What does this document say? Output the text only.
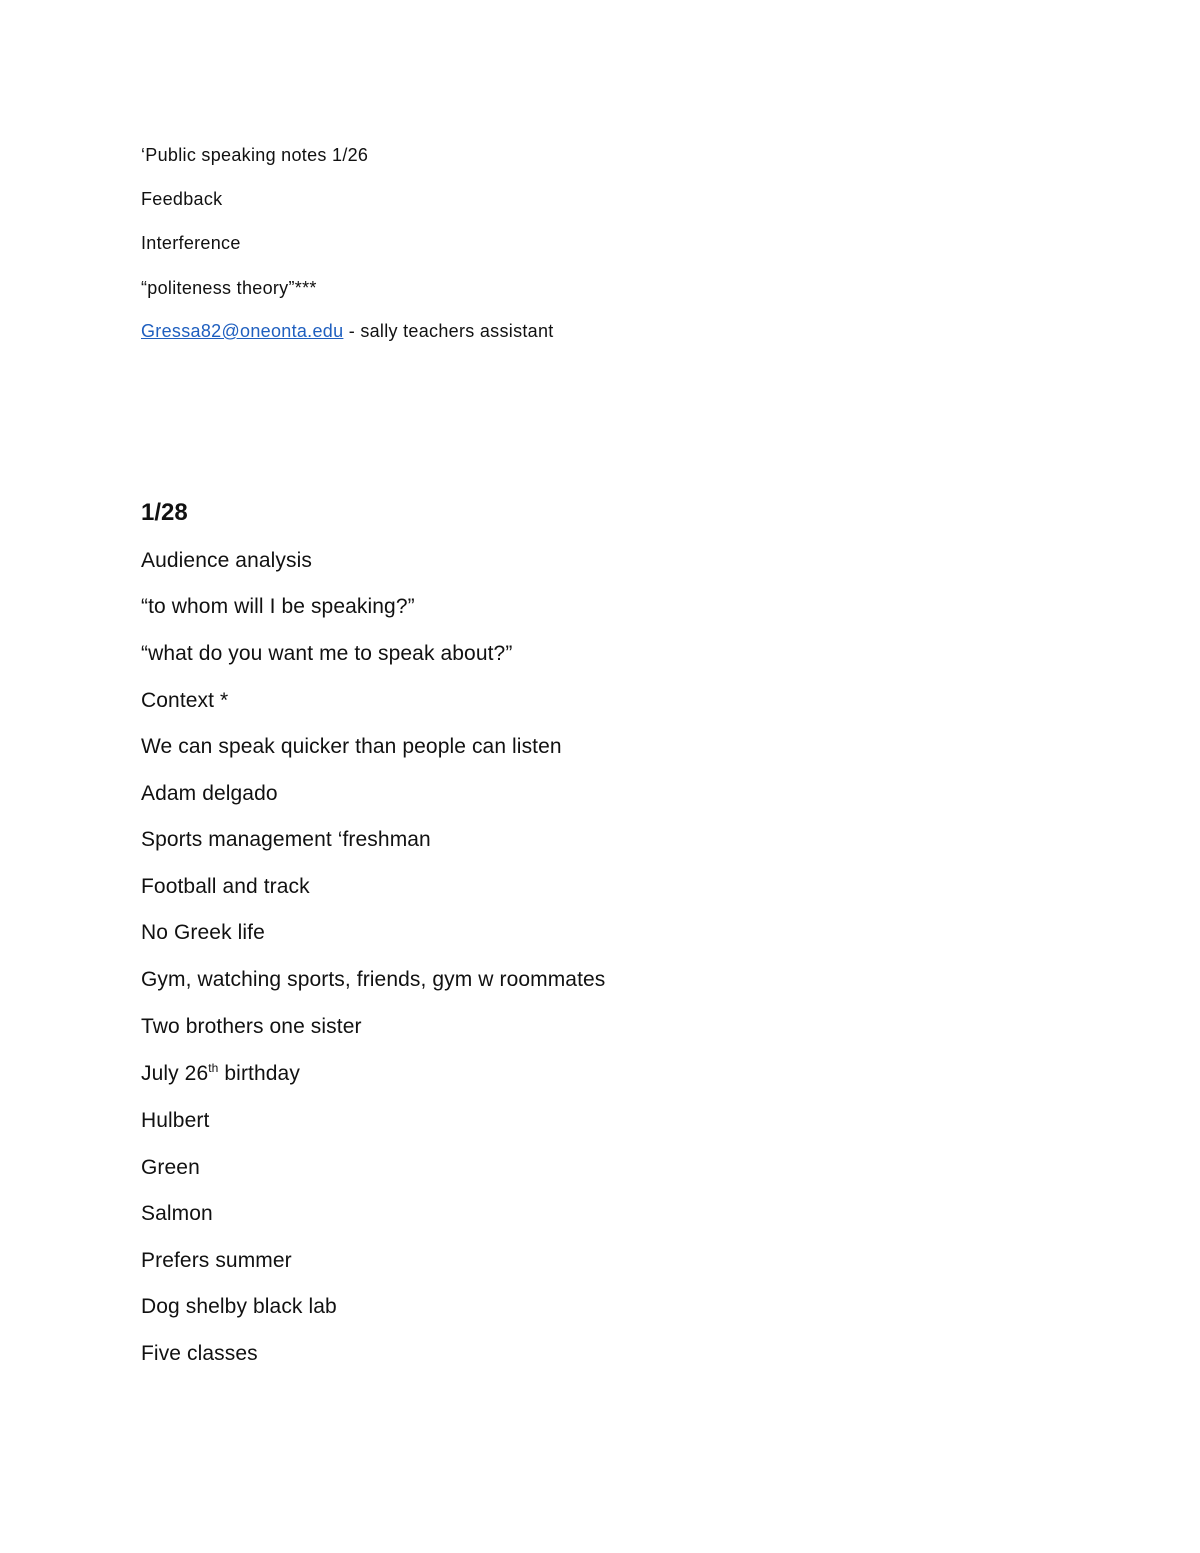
‘Public speaking notes 1/26

Feedback

Interference

“politeness theory”***

Gressa82@oneonta.edu - sally teachers assistant

1/28

Audience analysis

“to whom will I be speaking?”

“what do you want me to speak about?”

Context *

We can speak quicker than people can listen

Adam delgado

Sports management ‘freshman

Football and track

No Greek life

Gym, watching sports, friends, gym w roommates

Two brothers one sister

July 26th birthday

Hulbert

Green

Salmon

Prefers summer

Dog shelby black lab

Five classes
